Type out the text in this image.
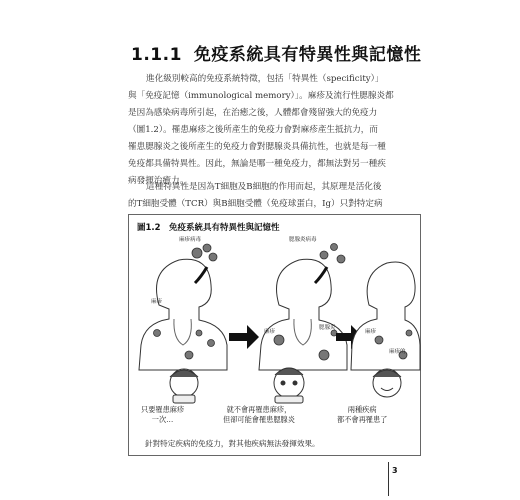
1.1.1 免疫系統具有特異性與記憶性
進化級別較高的免疫系統特徵，包括「特異性（specificity）」
與「免疫記憶（immunological memory）」。麻疹及流行性腮腺炎都
是因為感染病毒所引起，在治癒之後，人體都會殘留強大的免疫力
（圖1.2）。罹患麻疹之後所產生的免疫力會對麻疹產生抵抗力，而
罹患腮腺炎之後所產生的免疫力會對腮腺炎具備抗性，也就是每一種
免疫都具備特異性。因此，無論是哪一種免疫力，都無法對另一種疾
病發揮治癒力。
這種特異性是因為T細胞及B細胞的作用而起，其原理是活化後
的T細胞受體（TCR）與B細胞受體（免疫球蛋白，Ig）只對特定病
圖1.2　免疫系統具有特異性與記憶性
麻疹病毒	腮腺炎病毒
麻疹
麻疹
腮腺炎
麻疹
麻疹的
只要罹患麻疹
一次…
就不會再罹患麻疹，
但卻可能會罹患腮腺炎
兩種疾病
都不會再罹患了
針對特定疾病的免疫力，對其他疾病無法發揮效果。
3
